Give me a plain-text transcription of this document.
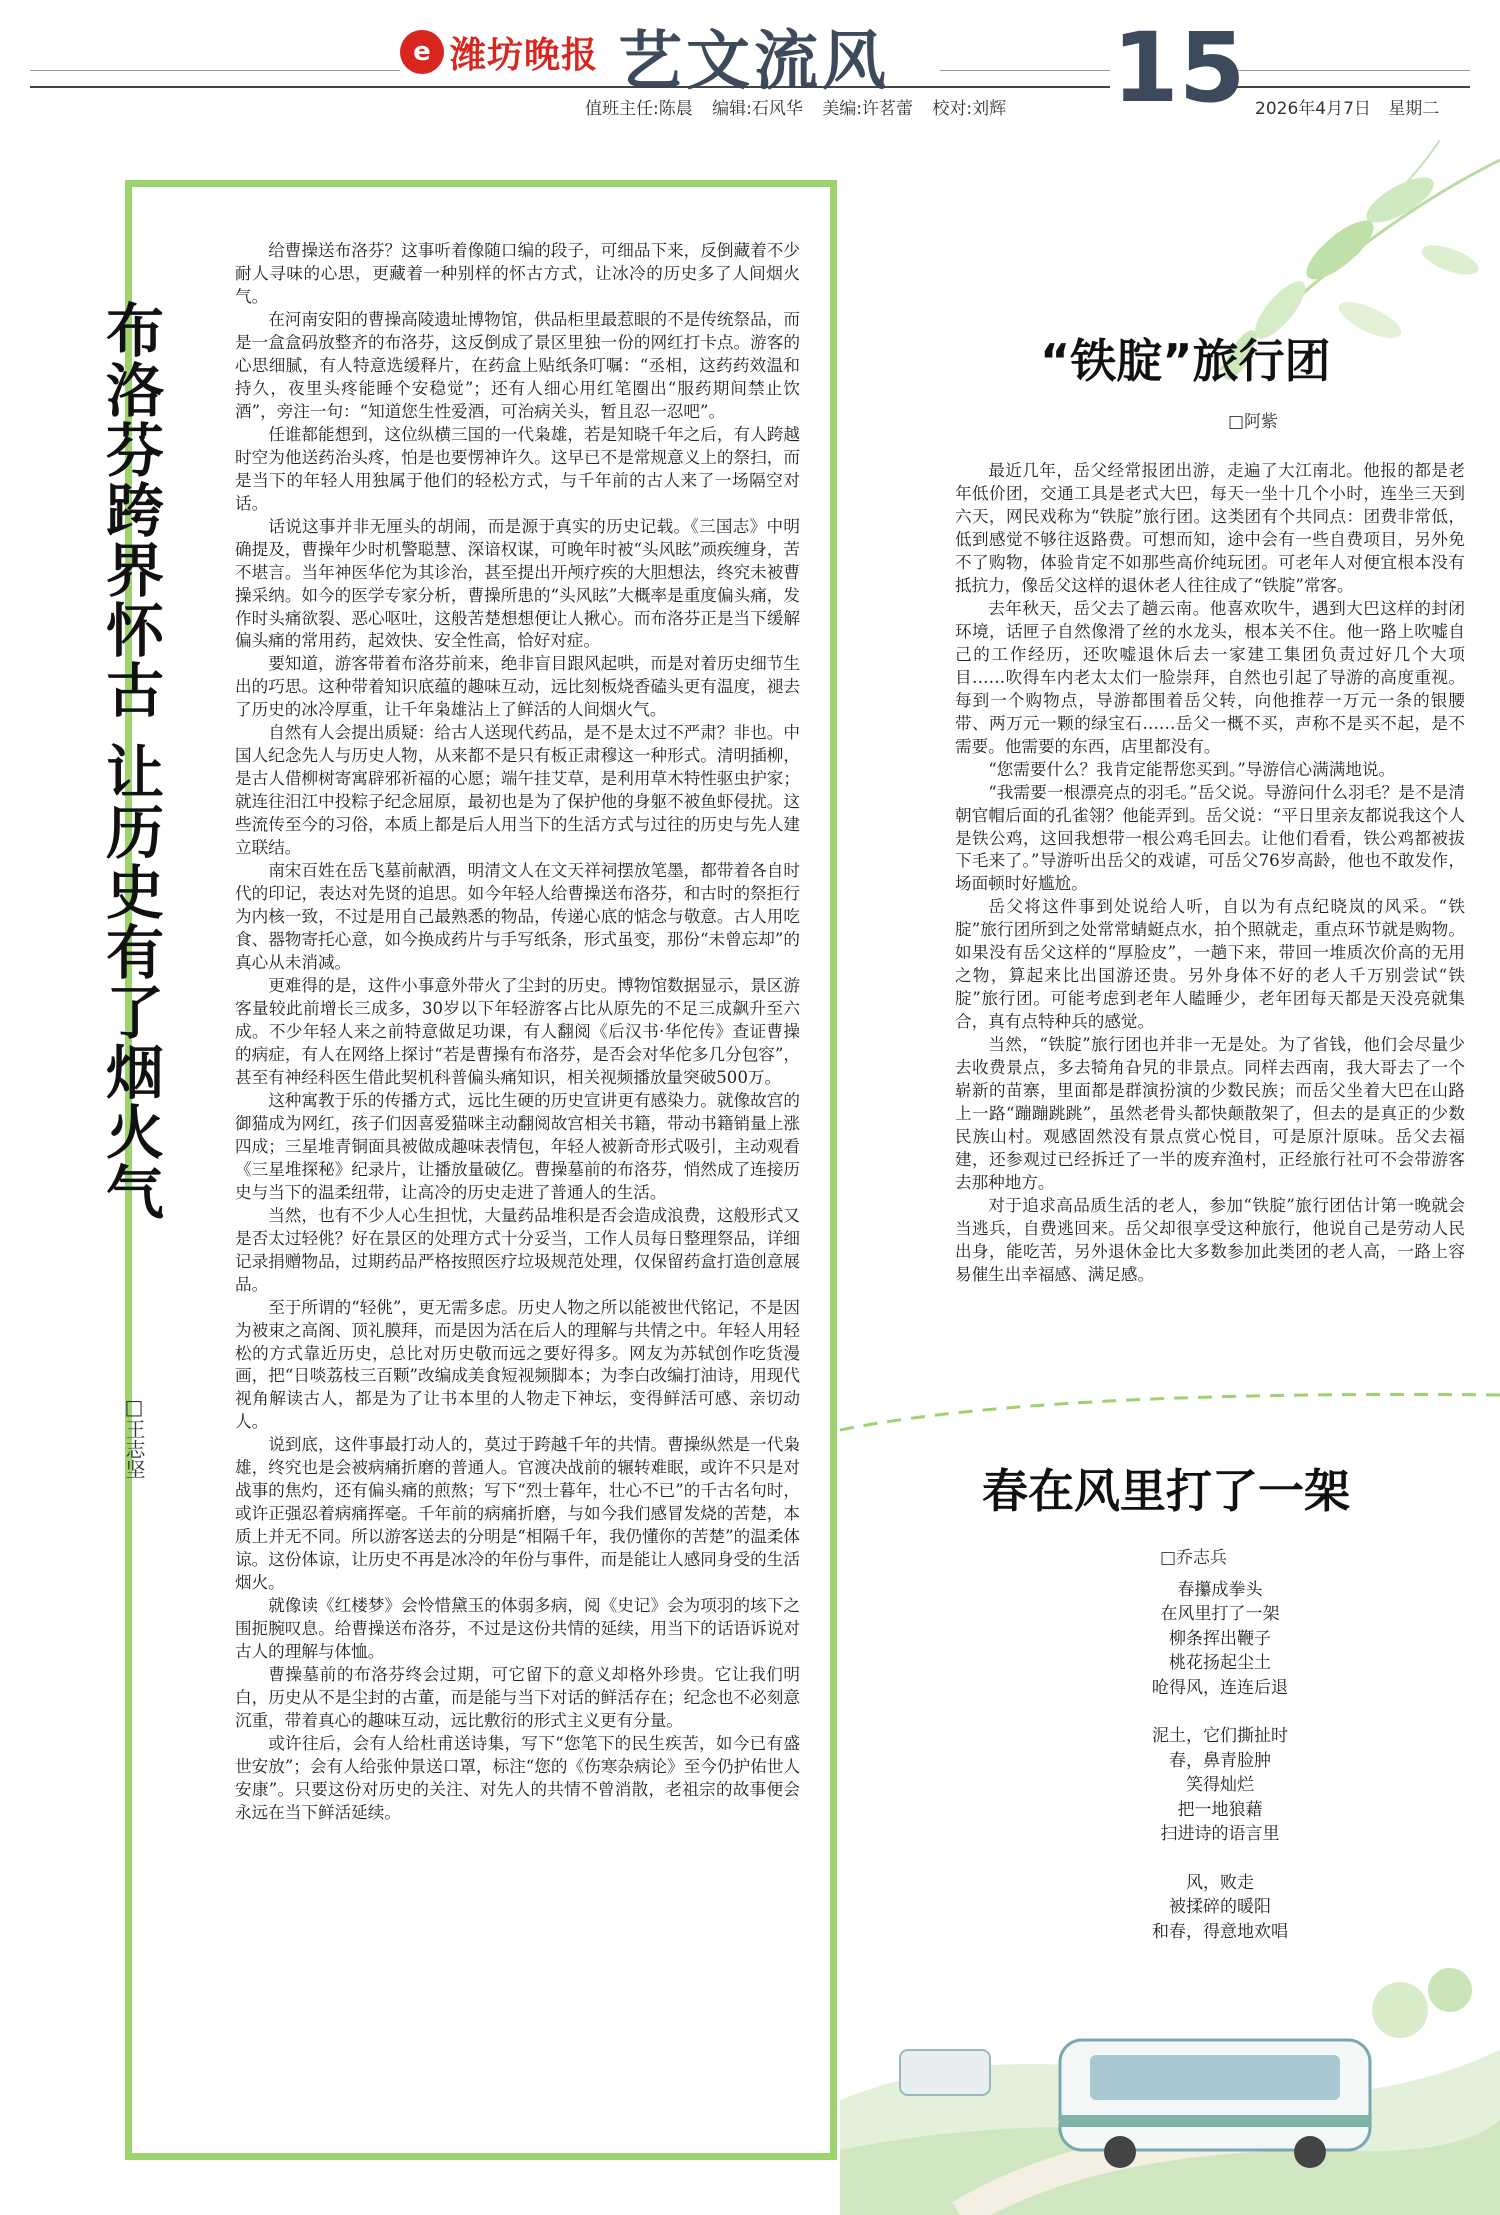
e 潍坊晚报 艺文流风
值班主任:陈晨 编辑:石风华 美编:许茗蕾 校对:刘辉 15 2026年4月7日 星期二
布洛芬跨界怀古 让历史有了烟火气
□王志坚

给曹操送布洛芬？这事听着像随口编的段子，可细品下来，反倒藏着不少耐人寻味的心思，更藏着一种别样的怀古方式，让冰冷的历史多了人间烟火气。

在河南安阳的曹操高陵遗址博物馆，供品柜里最惹眼的不是传统祭品，而是一盒盒码放整齐的布洛芬，这反倒成了景区里独一份的网红打卡点。游客的心思细腻，有人特意选缓释片，在药盒上贴纸条叮嘱：“丞相，这药药效温和持久，夜里头疼能睡个安稳觉”；还有人细心用红笔圈出“服药期间禁止饮酒”，旁注一句：“知道您生性爱酒，可治病关头，暂且忍一忍吧”。

任谁都能想到，这位纵横三国的一代枭雄，若是知晓千年之后，有人跨越时空为他送药治头疼，怕是也要愣神许久。这早已不是常规意义上的祭扫，而是当下的年轻人用独属于他们的轻松方式，与千年前的古人来了一场隔空对话。

话说这事并非无厘头的胡闹，而是源于真实的历史记载。《三国志》中明确提及，曹操年少时机警聪慧、深谙权谋，可晚年时被“头风眩”顽疾缠身，苦不堪言。当年神医华佗为其诊治，甚至提出开颅疗疾的大胆想法，终究未被曹操采纳。如今的医学专家分析，曹操所患的“头风眩”大概率是重度偏头痛，发作时头痛欲裂、恶心呕吐，这般苦楚想想便让人揪心。而布洛芬正是当下缓解偏头痛的常用药，起效快、安全性高，恰好对症。

要知道，游客带着布洛芬前来，绝非盲目跟风起哄，而是对着历史细节生出的巧思。这种带着知识底蕴的趣味互动，远比刻板烧香磕头更有温度，褪去了历史的冰冷厚重，让千年枭雄沾上了鲜活的人间烟火气。

自然有人会提出质疑：给古人送现代药品，是不是太过不严肃？非也。中国人纪念先人与历史人物，从来都不是只有板正肃穆这一种形式。清明插柳，是古人借柳树寄寓辟邪祈福的心愿；端午挂艾草，是利用草木特性驱虫护家；就连往汨江中投粽子纪念屈原，最初也是为了保护他的身躯不被鱼虾侵扰。这些流传至今的习俗，本质上都是后人用当下的生活方式与过往的历史与先人建立联结。

南宋百姓在岳飞墓前献酒，明清文人在文天祥祠摆放笔墨，都带着各自时代的印记，表达对先贤的追思。如今年轻人给曹操送布洛芬，和古时的祭拒行为内核一致，不过是用自己最熟悉的物品，传递心底的惦念与敬意。古人用吃食、器物寄托心意，如今换成药片与手写纸条，形式虽变，那份“未曾忘却”的真心从未消减。

更难得的是，这件小事意外带火了尘封的历史。博物馆数据显示，景区游客量较此前增长三成多，30岁以下年轻游客占比从原先的不足三成飙升至六成。不少年轻人来之前特意做足功课，有人翻阅《后汉书·华佗传》查证曹操的病症，有人在网络上探讨“若是曹操有布洛芬，是否会对华佗多几分包容”，甚至有神经科医生借此契机科普偏头痛知识，相关视频播放量突破500万。

这种寓教于乐的传播方式，远比生硬的历史宣讲更有感染力。就像故宫的御猫成为网红，孩子们因喜爱猫咪主动翻阅故宫相关书籍，带动书籍销量上涨四成；三星堆青铜面具被做成趣味表情包，年轻人被新奇形式吸引，主动观看《三星堆探秘》纪录片，让播放量破亿。曹操墓前的布洛芬，悄然成了连接历史与当下的温柔纽带，让高冷的历史走进了普通人的生活。

当然，也有不少人心生担忧，大量药品堆积是否会造成浪费，这般形式又是否太过轻佻？好在景区的处理方式十分妥当，工作人员每日整理祭品，详细记录捐赠物品，过期药品严格按照医疗垃圾规范处理，仅保留药盒打造创意展品。

至于所谓的“轻佻”，更无需多虑。历史人物之所以能被世代铭记，不是因为被束之高阁、顶礼膜拜，而是因为活在后人的理解与共情之中。年轻人用轻松的方式靠近历史，总比对历史敬而远之要好得多。网友为苏轼创作吃货漫画，把“日啖荔枝三百颗”改编成美食短视频脚本；为李白改编打油诗，用现代视角解读古人，都是为了让书本里的人物走下神坛，变得鲜活可感、亲切动人。

说到底，这件事最打动人的，莫过于跨越千年的共情。曹操纵然是一代枭雄，终究也是会被病痛折磨的普通人。官渡决战前的辗转难眠，或许不只是对战事的焦灼，还有偏头痛的煎熬；写下“烈士暮年，壮心不已”的千古名句时，或许正强忍着病痛挥毫。千年前的病痛折磨，与如今我们感冒发烧的苦楚，本质上并无不同。所以游客送去的分明是“相隔千年，我仍懂你的苦楚”的温柔体谅。这份体谅，让历史不再是冰冷的年份与事件，而是能让人感同身受的生活烟火。

就像读《红楼梦》会怜惜黛玉的体弱多病，阅《史记》会为项羽的垓下之围扼腕叹息。给曹操送布洛芬，不过是这份共情的延续，用当下的话语诉说对古人的理解与体恤。

曹操墓前的布洛芬终会过期，可它留下的意义却格外珍贵。它让我们明白，历史从不是尘封的古董，而是能与当下对话的鲜活存在；纪念也不必刻意沉重，带着真心的趣味互动，远比敷衍的形式主义更有分量。

或许往后，会有人给杜甫送诗集，写下“您笔下的民生疾苦，如今已有盛世安放”；会有人给张仲景送口罩，标注“您的《伤寒杂病论》至今仍护佑世人安康”。只要这份对历史的关注、对先人的共情不曾消散，老祖宗的故事便会永远在当下鲜活延续。

“铁腚”旅行团
□阿紫

最近几年，岳父经常报团出游，走遍了大江南北。他报的都是老年低价团，交通工具是老式大巴，每天一坐十几个小时，连坐三天到六天，网民戏称为“铁腚”旅行团。这类团有个共同点：团费非常低，低到感觉不够往返路费。可想而知，途中会有一些自费项目，另外免不了购物，体验肯定不如那些高价纯玩团。可老年人对便宜根本没有抵抗力，像岳父这样的退休老人往往成了“铁腚”常客。

去年秋天，岳父去了趟云南。他喜欢吹牛，遇到大巴这样的封闭环境，话匣子自然像滑了丝的水龙头，根本关不住。他一路上吹嘘自己的工作经历，还吹嘘退休后去一家建工集团负责过好几个大项目……吹得车内老太太们一脸崇拜，自然也引起了导游的高度重视。每到一个购物点，导游都围着岳父转，向他推荐一万元一条的银腰带、两万元一颗的绿宝石……岳父一概不买，声称不是买不起，是不需要。他需要的东西，店里都没有。

“您需要什么？我肯定能帮您买到。”导游信心满满地说。

“我需要一根漂亮点的羽毛。”岳父说。导游问什么羽毛？是不是清朝官帽后面的孔雀翎？他能弄到。岳父说：“平日里亲友都说我这个人是铁公鸡，这回我想带一根公鸡毛回去。让他们看看，铁公鸡都被拔下毛来了。”导游听出岳父的戏谑，可岳父76岁高龄，他也不敢发作，场面顿时好尴尬。

岳父将这件事到处说给人听，自以为有点纪晓岚的风采。“铁腚”旅行团所到之处常常蜻蜓点水，拍个照就走，重点环节就是购物。如果没有岳父这样的“厚脸皮”，一趟下来，带回一堆质次价高的无用之物，算起来比出国游还贵。另外身体不好的老人千万别尝试“铁腚”旅行团。可能考虑到老年人瞌睡少，老年团每天都是天没亮就集合，真有点特种兵的感觉。

当然，“铁腚”旅行团也并非一无是处。为了省钱，他们会尽量少去收费景点，多去犄角旮旯的非景点。同样去西南，我大哥去了一个崭新的苗寨，里面都是群演扮演的少数民族；而岳父坐着大巴在山路上一路“蹦蹦跳跳”，虽然老骨头都快颠散架了，但去的是真正的少数民族山村。观感固然没有景点赏心悦目，可是原汁原味。岳父去福建，还参观过已经拆迁了一半的废弃渔村，正经旅行社可不会带游客去那种地方。

对于追求高品质生活的老人，参加“铁腚”旅行团估计第一晚就会当逃兵，自费逃回来。岳父却很享受这种旅行，他说自己是劳动人民出身，能吃苦，另外退休金比大多数参加此类团的老人高，一路上容易催生出幸福感、满足感。

春在风里打了一架
□乔志兵
春攥成拳头
在风里打了一架
柳条挥出鞭子
桃花扬起尘土
呛得风，连连后退
泥土，它们撕扯时
春，鼻青脸肿
笑得灿烂
把一地狼藉
扫进诗的语言里
风，败走
被揉碎的暖阳
和春，得意地欢唱
